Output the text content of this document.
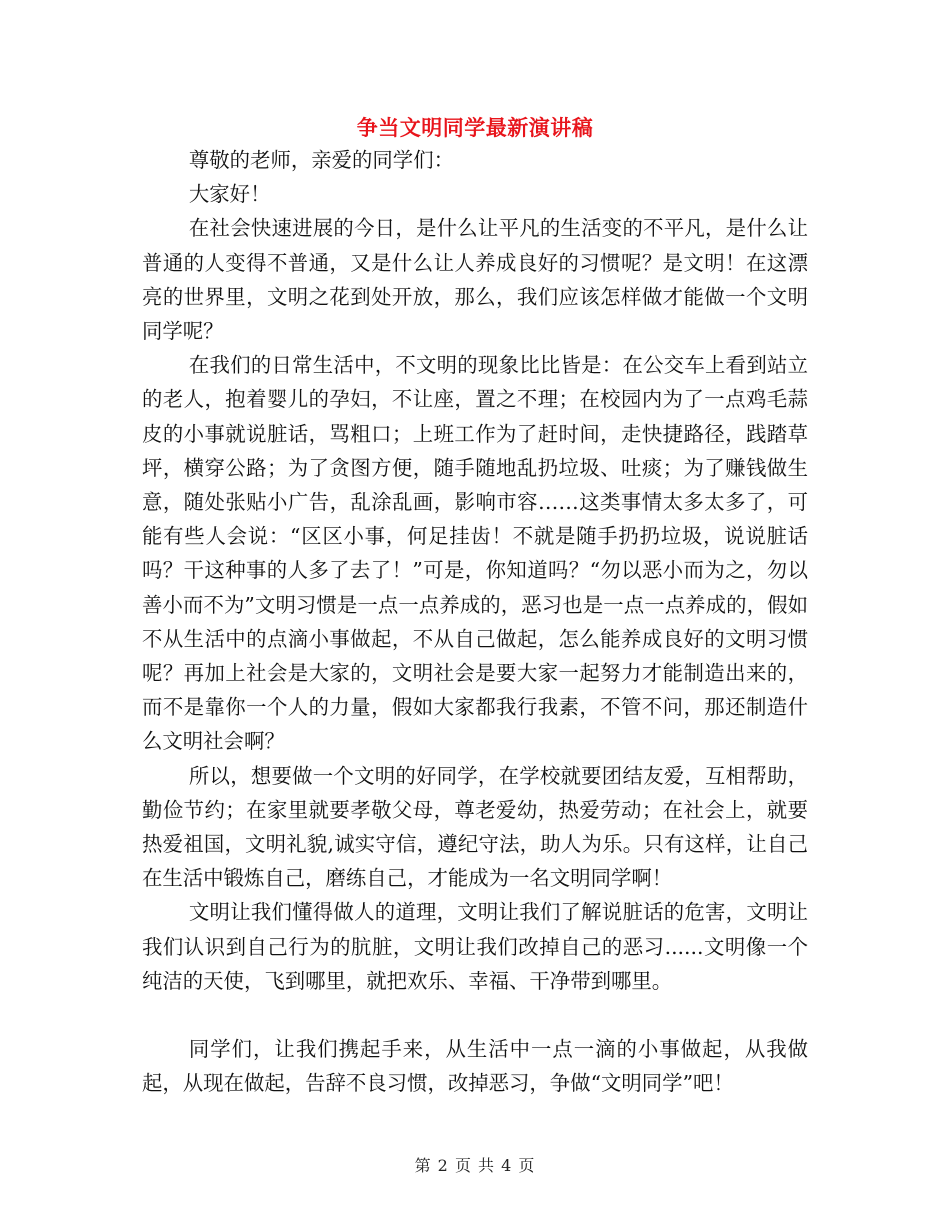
争当文明同学最新演讲稿

尊敬的老师，亲爱的同学们：

大家好！

在社会快速进展的今日，是什么让平凡的生活变的不平凡，是什么让普通的人变得不普通，又是什么让人养成良好的习惯呢？是文明！在这漂亮的世界里，文明之花到处开放，那么，我们应该怎样做才能做一个文明同学呢？

在我们的日常生活中，不文明的现象比比皆是：在公交车上看到站立的老人，抱着婴儿的孕妇，不让座，置之不理；在校园内为了一点鸡毛蒜皮的小事就说脏话，骂粗口；上班工作为了赶时间，走快捷路径，践踏草坪，横穿公路；为了贪图方便，随手随地乱扔垃圾、吐痰；为了赚钱做生意，随处张贴小广告，乱涂乱画，影响市容……这类事情太多太多了，可能有些人会说：“区区小事，何足挂齿！不就是随手扔扔垃圾，说说脏话吗？干这种事的人多了去了！”可是，你知道吗？“勿以恶小而为之，勿以善小而不为”文明习惯是一点一点养成的，恶习也是一点一点养成的，假如不从生活中的点滴小事做起，不从自己做起，怎么能养成良好的文明习惯呢？再加上社会是大家的，文明社会是要大家一起努力才能制造出来的，而不是靠你一个人的力量，假如大家都我行我素，不管不问，那还制造什么文明社会啊？

所以，想要做一个文明的好同学，在学校就要团结友爱，互相帮助，勤俭节约；在家里就要孝敬父母，尊老爱幼，热爱劳动；在社会上，就要热爱祖国，文明礼貌,诚实守信，遵纪守法，助人为乐。只有这样，让自己在生活中锻炼自己，磨练自己，才能成为一名文明同学啊！

文明让我们懂得做人的道理，文明让我们了解说脏话的危害，文明让我们认识到自己行为的肮脏，文明让我们改掉自己的恶习......文明像一个纯洁的天使，飞到哪里，就把欢乐、幸福、干净带到哪里。

同学们，让我们携起手来，从生活中一点一滴的小事做起，从我做起，从现在做起，告辞不良习惯，改掉恶习，争做“文明同学”吧！

第 2 页 共 4 页
